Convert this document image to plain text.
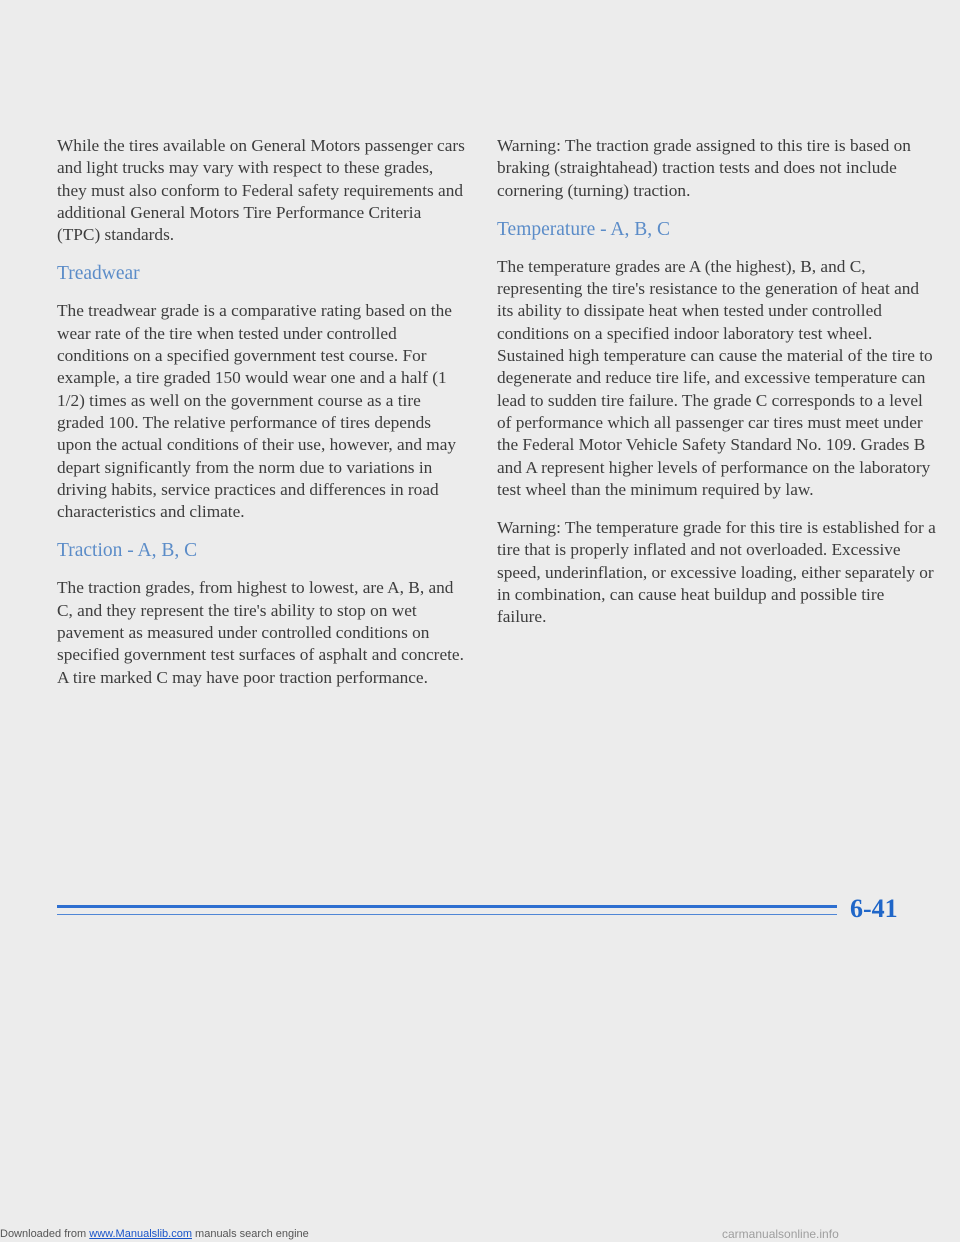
While the tires available on General Motors passenger cars and light trucks may vary with respect to these grades, they must also conform to Federal safety requirements and additional General Motors Tire Performance Criteria (TPC) standards.

Treadwear

The treadwear grade is a comparative rating based on the wear rate of the tire when tested under controlled conditions on a specified government test course. For example, a tire graded 150 would wear one and a half (1 1/2) times as well on the government course as a tire graded 100. The relative performance of tires depends upon the actual conditions of their use, however, and may depart significantly from the norm due to variations in driving habits, service practices and differences in road characteristics and climate.

Traction - A, B, C

The traction grades, from highest to lowest, are A, B, and C, and they represent the tire's ability to stop on wet pavement as measured under controlled conditions on specified government test surfaces of asphalt and concrete. A tire marked C may have poor traction performance.

Warning: The traction grade assigned to this tire is based on braking (straightahead) traction tests and does not include cornering (turning) traction.

Temperature - A, B, C

The temperature grades are A (the highest), B, and C, representing the tire's resistance to the generation of heat and its ability to dissipate heat when tested under controlled conditions on a specified indoor laboratory test wheel. Sustained high temperature can cause the material of the tire to degenerate and reduce tire life, and excessive temperature can lead to sudden tire failure. The grade C corresponds to a level of performance which all passenger car tires must meet under the Federal Motor Vehicle Safety Standard No. 109. Grades B and A represent higher levels of performance on the laboratory test wheel than the minimum required by law.

Warning: The temperature grade for this tire is established for a tire that is properly inflated and not overloaded. Excessive speed, underinflation, or excessive loading, either separately or in combination, can cause heat buildup and possible tire failure.

6-41
Downloaded from www.Manualslib.com manuals search engine	carmanualsonline.info
